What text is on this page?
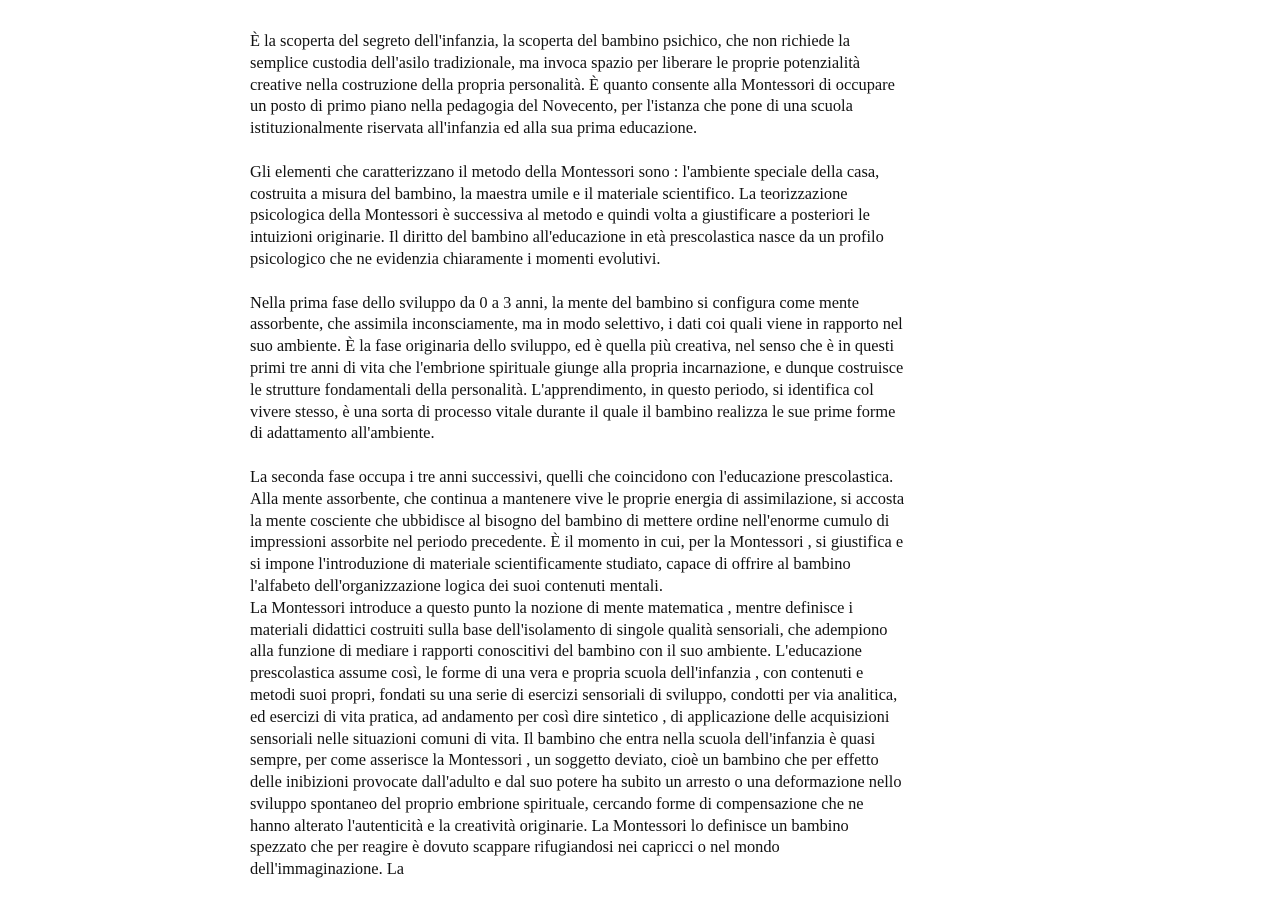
È la scoperta del segreto dell'infanzia, la scoperta del bambino psichico, che non richiede la
semplice custodia dell'asilo tradizionale, ma invoca spazio per liberare le proprie potenzialità
creative nella costruzione della propria personalità. È quanto consente alla Montessori di occupare
un posto di primo piano nella pedagogia del Novecento, per l'istanza che pone di una scuola
istituzionalmente riservata all'infanzia ed alla sua prima educazione.

Gli elementi che caratterizzano il metodo della Montessori sono : l'ambiente speciale della casa,
costruita a misura del bambino, la maestra umile e il materiale scientifico. La teorizzazione
psicologica della Montessori è successiva al metodo e quindi volta a giustificare a posteriori le
intuizioni originarie. Il diritto del bambino all'educazione in età prescolastica nasce da un profilo
psicologico che ne evidenzia chiaramente i momenti evolutivi.

Nella prima fase dello sviluppo da 0 a 3 anni, la mente del bambino si configura come mente
assorbente, che assimila inconsciamente, ma in modo selettivo, i dati coi quali viene in rapporto nel
suo ambiente. È la fase originaria dello sviluppo, ed è quella più creativa, nel senso che è in questi
primi tre anni di vita che l'embrione spirituale giunge alla propria incarnazione, e dunque costruisce
le strutture fondamentali della personalità. L'apprendimento, in questo periodo, si identifica col
vivere stesso, è una sorta di processo vitale durante il quale il bambino realizza le sue prime forme
di adattamento all'ambiente.

La seconda fase occupa i tre anni successivi, quelli che coincidono con l'educazione prescolastica.
Alla mente assorbente, che continua a mantenere vive le proprie energia di assimilazione, si accosta
la mente cosciente che ubbidisce al bisogno del bambino di mettere ordine nell'enorme cumulo di
impressioni assorbite nel periodo precedente. È il momento in cui, per la Montessori , si giustifica e
si impone l'introduzione di materiale scientificamente studiato, capace di offrire al bambino
l'alfabeto dell'organizzazione logica dei suoi contenuti mentali.
La Montessori introduce a questo punto la nozione di mente matematica , mentre definisce i
materiali didattici costruiti sulla base dell'isolamento di singole qualità sensoriali, che adempiono
alla funzione di mediare i rapporti conoscitivi del bambino con il suo ambiente. L'educazione
prescolastica assume così, le forme di una vera e propria scuola dell'infanzia , con contenuti e
metodi suoi propri, fondati su una serie di esercizi sensoriali di sviluppo, condotti per via analitica,
ed esercizi di vita pratica, ad andamento per così dire sintetico , di applicazione delle acquisizioni
sensoriali nelle situazioni comuni di vita. Il bambino che entra nella scuola dell'infanzia è quasi
sempre, per come asserisce la Montessori , un soggetto deviato, cioè un bambino che per effetto
delle inibizioni provocate dall'adulto e dal suo potere ha subito un arresto o una deformazione nello
sviluppo spontaneo del proprio embrione spirituale, cercando forme di compensazione che ne
hanno alterato l'autenticità e la creatività originarie. La Montessori lo definisce un bambino
spezzato che per reagire è dovuto scappare rifugiandosi nei capricci o nel mondo
dell'immaginazione. La
